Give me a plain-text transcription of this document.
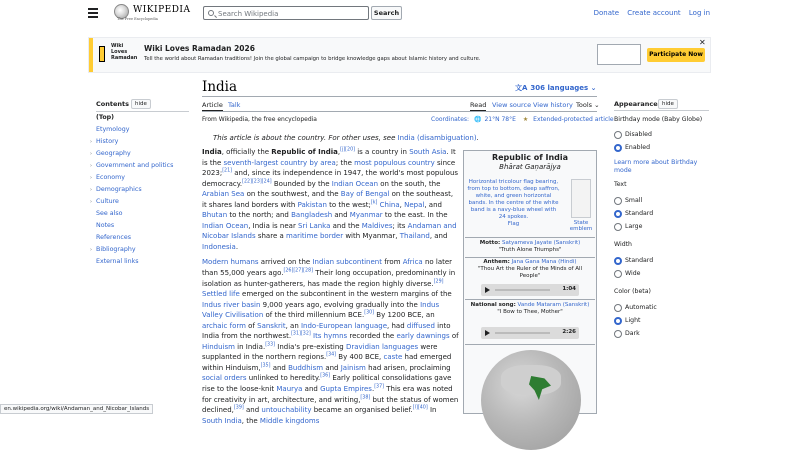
WIKIPEDIA
The Free Encyclopedia
Search Wikipedia
Search	Donate Create account Log in
Wiki Loves Ramadan
Wiki Loves Ramadan 2026
Tell the world about Ramadan traditions! Join the global campaign to bridge knowledge gaps about Islamic history and culture.
Participate Now
✕
India	文A 306 languages ⌄
Article Talk	Read View source View history Tools ⌄
From Wikipedia, the free encyclopedia	Coordinates: 🌐 21°N 78°E ★ Extended-protected article
This article is about the country. For other uses, see India (disambiguation).

India, officially the Republic of India,[j][20] is a country in South Asia. It is the seventh-largest country by area; the most populous country since 2023;[21] and, since its independence in 1947, the world's most populous democracy.[22][23][24] Bounded by the Indian Ocean on the south, the Arabian Sea on the southwest, and the Bay of Bengal on the southeast, it shares land borders with Pakistan to the west;[k] China, Nepal, and Bhutan to the north; and Bangladesh and Myanmar to the east. In the Indian Ocean, India is near Sri Lanka and the Maldives; its Andaman and Nicobar Islands share a maritime border with Myanmar, Thailand, and Indonesia.

Modern humans arrived on the Indian subcontinent from Africa no later than 55,000 years ago.[26][27][28] Their long occupation, predominantly in isolation as hunter-gatherers, has made the region highly diverse.[29] Settled life emerged on the subcontinent in the western margins of the Indus river basin 9,000 years ago, evolving gradually into the Indus Valley Civilisation of the third millennium BCE.[30] By 1200 BCE, an archaic form of Sanskrit, an Indo-European language, had diffused into India from the northwest.[31][32] Its hymns recorded the early dawnings of Hinduism in India.[33] India's pre-existing Dravidian languages were supplanted in the northern regions.[34] By 400 BCE, caste had emerged within Hinduism,[35] and Buddhism and Jainism had arisen, proclaiming social orders unlinked to heredity.[36] Early political consolidations gave rise to the loose-knit Maurya and Gupta Empires.[37] This era was noted for creativity in art, architecture, and writing,[38] but the status of women declined,[39] and untouchability became an organised belief.[l][40] In South India, the Middle kingdoms

Republic of India
Bhārat Gaṇarājya
Horizontal tricolour flag bearing, from top to bottom, deep saffron, white, and green horizontal bands. In the centre of the white band is a navy-blue wheel with 24 spokes.
Flag	State emblem
Motto: Satyameva Jayate (Sanskrit)
"Truth Alone Triumphs"
Anthem: Jana Gana Mana (Hindi)
"Thou Art the Ruler of the Minds of All People"
1:04
National song: Vande Mataram (Sanskrit)
"I Bow to Thee, Mother"
2:26
Contents	hide
(Top)
Etymology
› History
› Geography
› Government and politics
› Economy
› Demographics
› Culture
See also
Notes
References
› Bibliography
External links
Appearance hide
Birthday mode (Baby Globe)
Disabled
Enabled
Learn more about Birthday mode
Text
Small
Standard
Large
Width
Standard
Wide
Color (beta)
Automatic
Light
Dark
en.wikipedia.org/wiki/Andaman_and_Nicobar_Islands
